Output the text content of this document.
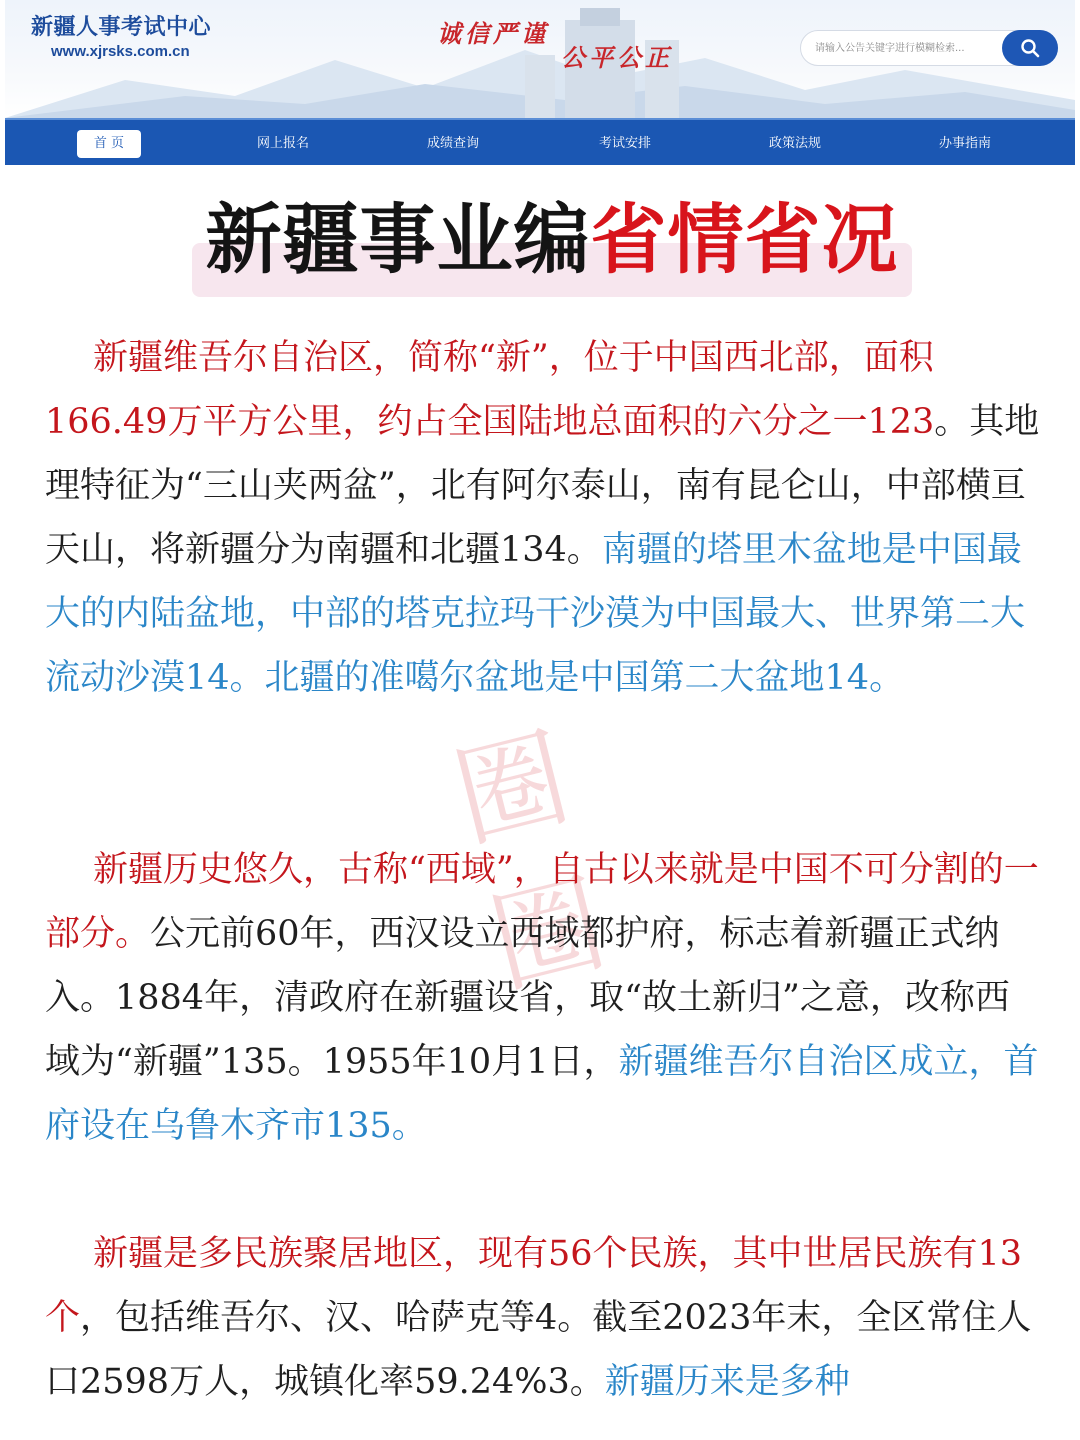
新疆人事考试中心
www.xjrsks.com.cn
诚信严谨
公平公正
请输入公告关键字进行模糊检索...
首 页	网上报名	成绩查询	考试安排	政策法规	办事指南
新疆事业编省情省况
圈圈

新疆维吾尔自治区，简称“新”，位于中国西北部，面积166.49万平方公里，约占全国陆地总面积的六分之一123。其地理特征为“三山夹两盆”，北有阿尔泰山，南有昆仑山，中部横亘天山，将新疆分为南疆和北疆134。南疆的塔里木盆地是中国最大的内陆盆地，中部的塔克拉玛干沙漠为中国最大、世界第二大流动沙漠14。北疆的准噶尔盆地是中国第二大盆地14。

新疆历史悠久，古称“西域”，自古以来就是中国不可分割的一部分。公元前60年，西汉设立西域都护府，标志着新疆正式纳入。1884年，清政府在新疆设省，取“故土新归”之意，改称西域为“新疆”135。1955年10月1日，新疆维吾尔自治区成立，首府设在乌鲁木齐市135。

新疆是多民族聚居地区，现有56个民族，其中世居民族有13个，包括维吾尔、汉、哈萨克等4。截至2023年末，全区常住人口2598万人，城镇化率59.24%3。新疆历来是多种
